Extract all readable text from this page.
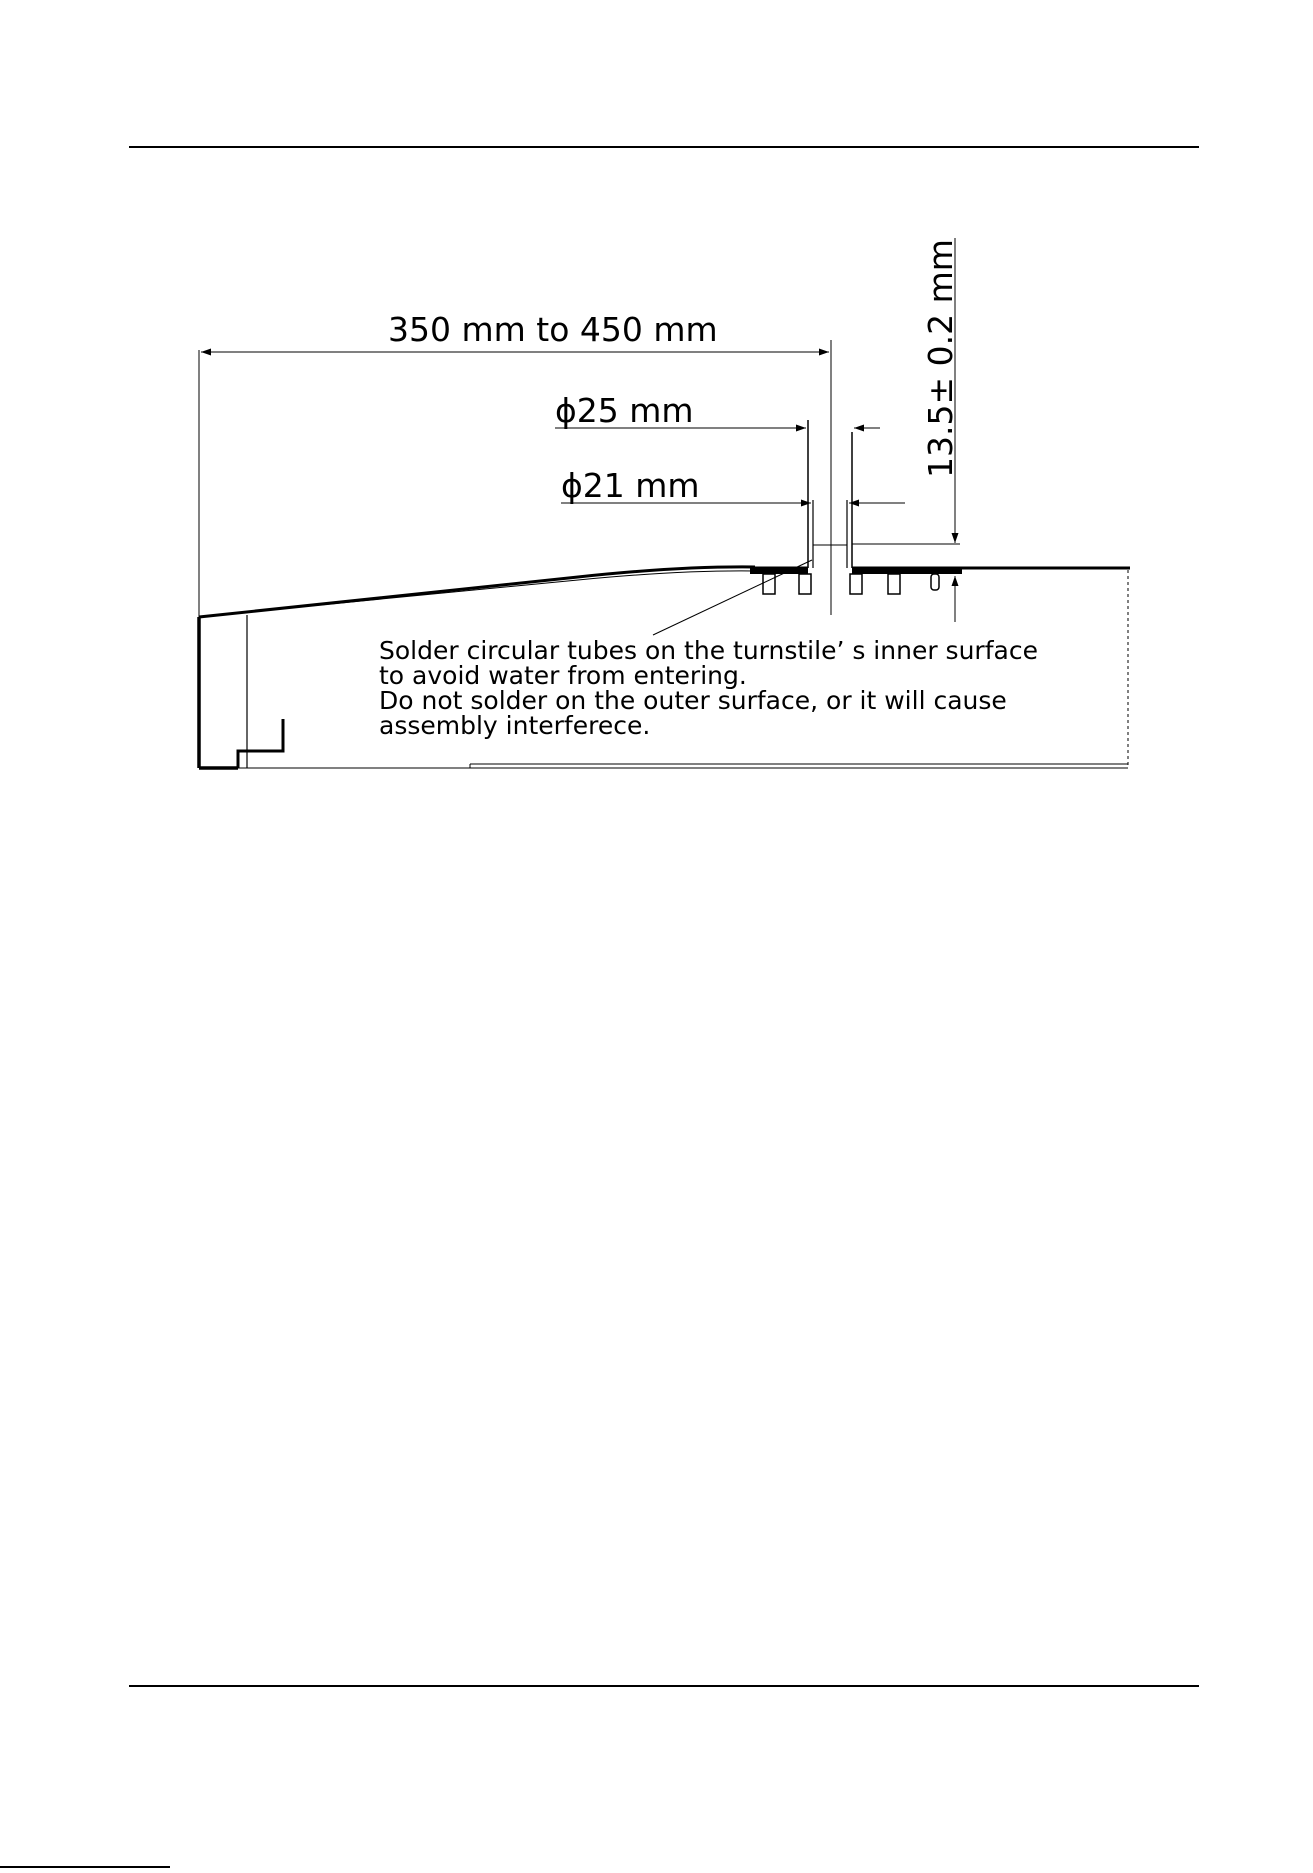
350 mm to 450 mm
ϕ25 mm
ϕ21 mm
13.5± 0.2 mm
Solder circular tubes on the turnstile’ s inner surface
to avoid water from entering.
Do not solder on the outer surface, or it will cause
assembly interferece.
